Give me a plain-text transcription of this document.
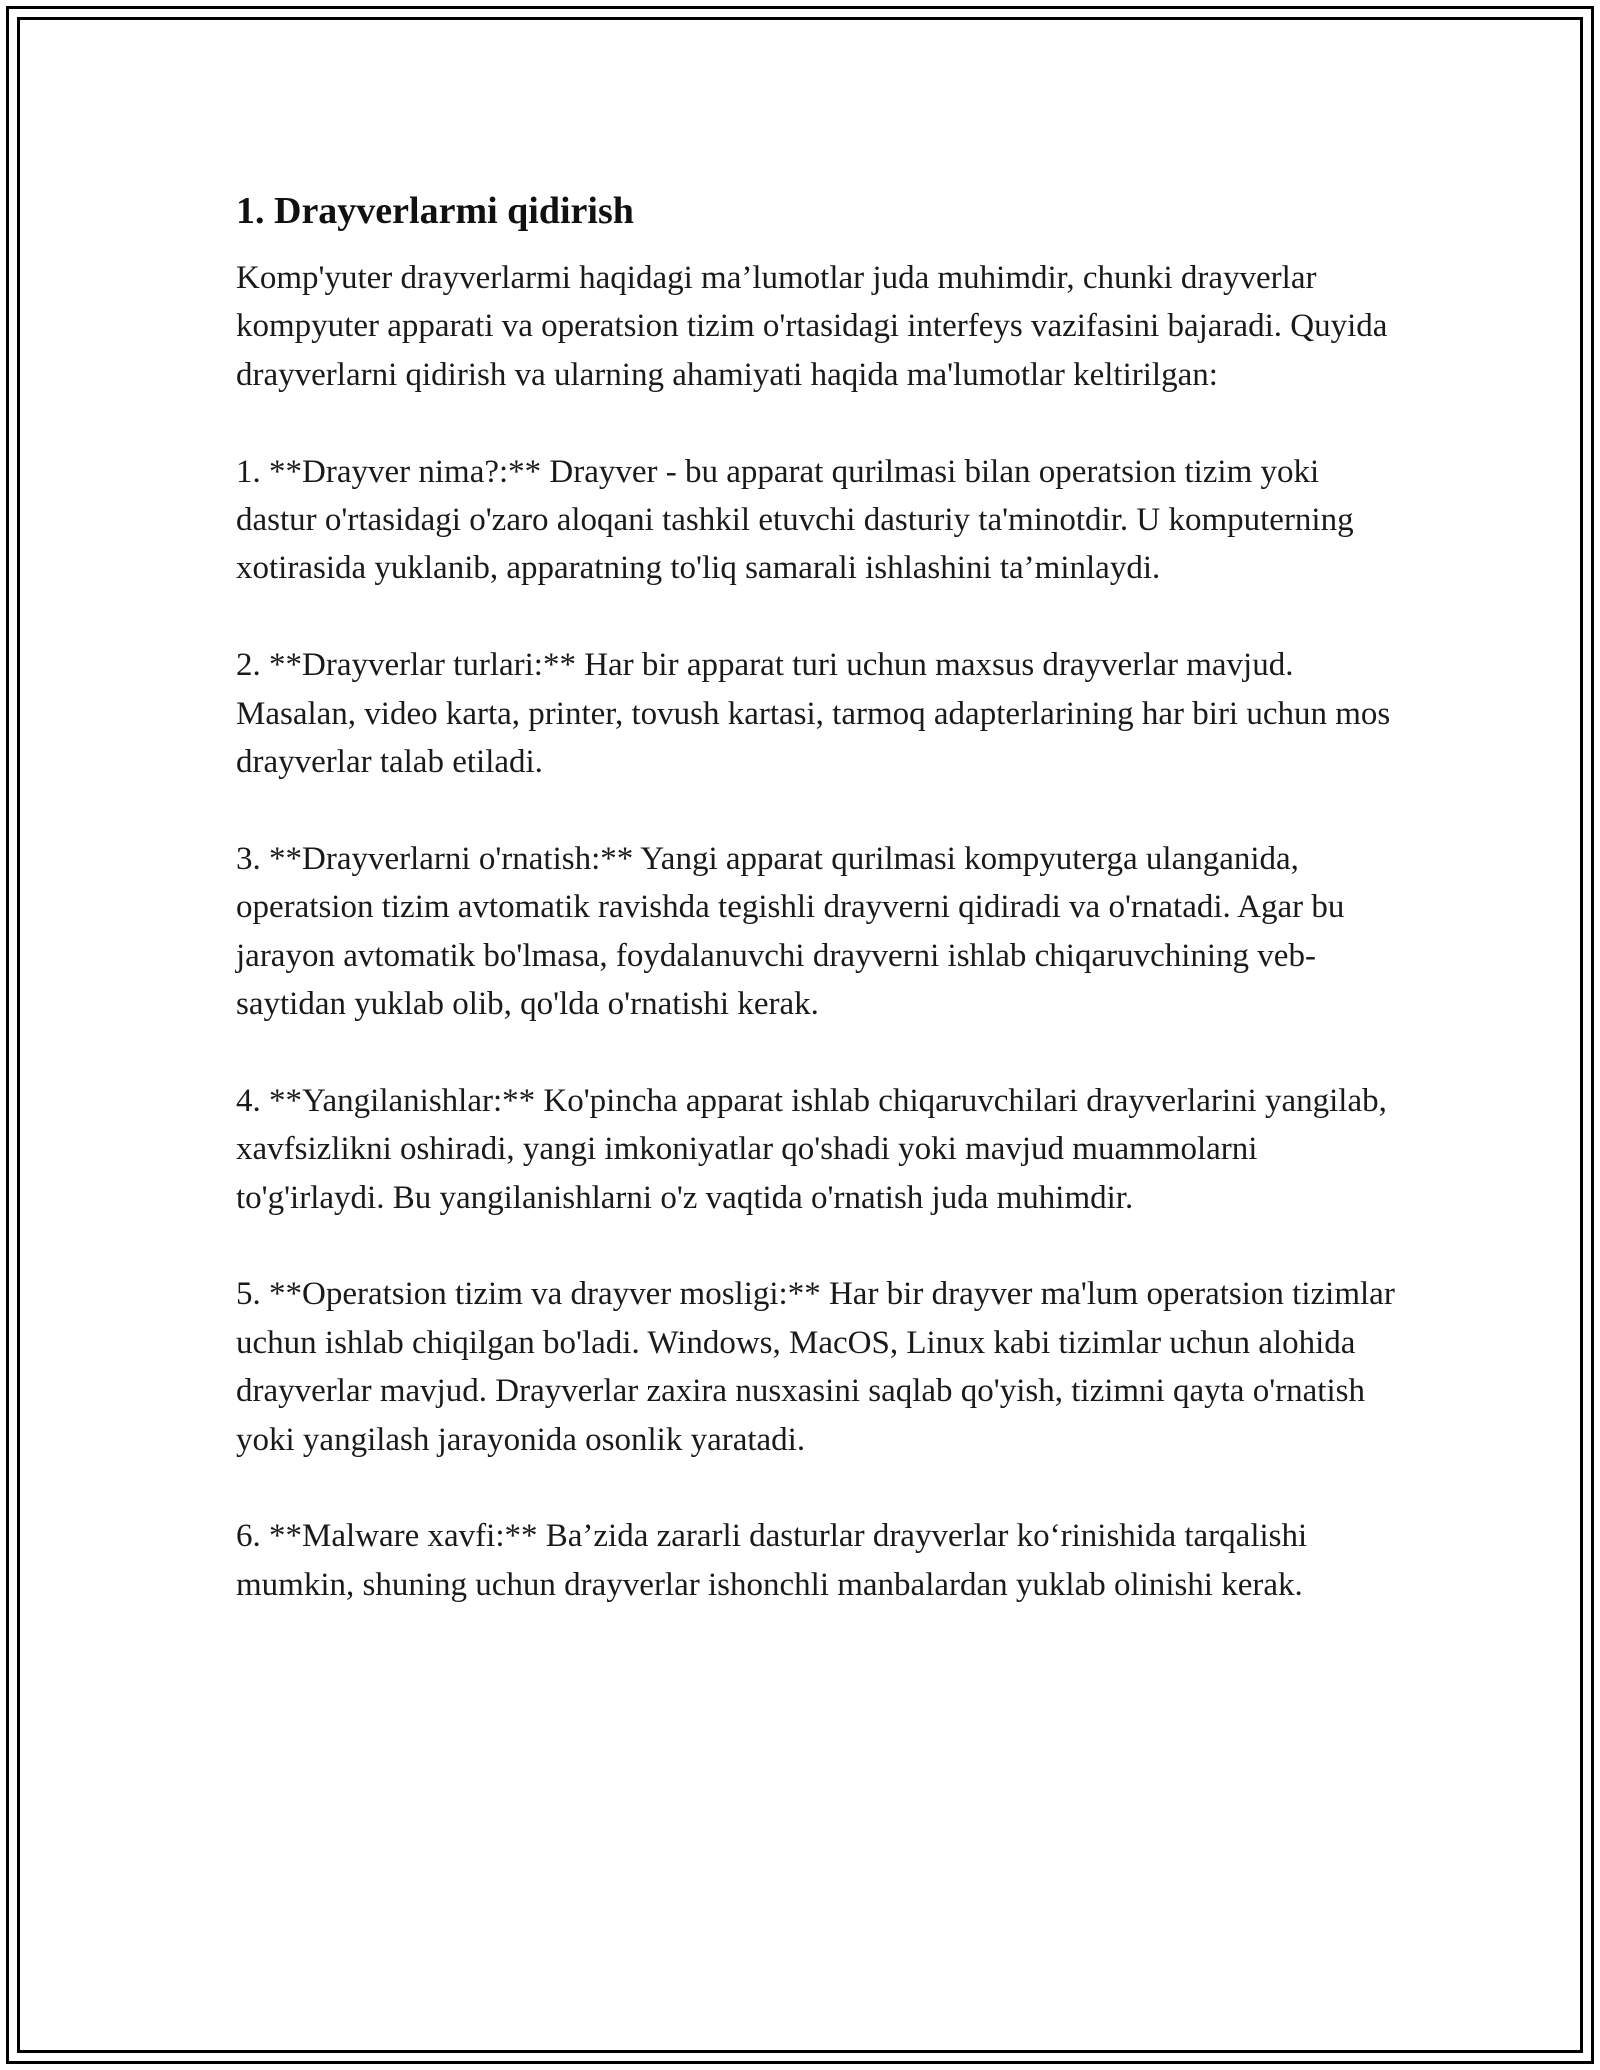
1. Drayverlarmi qidirish

Komp'yuter drayverlarmi haqidagi ma’lumotlar juda muhimdir, chunki drayverlar kompyuter apparati va operatsion tizim o'rtasidagi interfeys vazifasini bajaradi. Quyida drayverlarni qidirish va ularning ahamiyati haqida ma'lumotlar keltirilgan:

1. **Drayver nima?:** Drayver - bu apparat qurilmasi bilan operatsion tizim yoki dastur o'rtasidagi o'zaro aloqani tashkil etuvchi dasturiy ta'minotdir. U komputerning xotirasida yuklanib, apparatning to'liq samarali ishlashini ta’minlaydi.

2. **Drayverlar turlari:** Har bir apparat turi uchun maxsus drayverlar mavjud. Masalan, video karta, printer, tovush kartasi, tarmoq adapterlarining har biri uchun mos drayverlar talab etiladi.

3. **Drayverlarni o'rnatish:** Yangi apparat qurilmasi kompyuterga ulanganida, operatsion tizim avtomatik ravishda tegishli drayverni qidiradi va o'rnatadi. Agar bu jarayon avtomatik bo'lmasa, foydalanuvchi drayverni ishlab chiqaruvchining veb-saytidan yuklab olib, qo'lda o'rnatishi kerak.

4. **Yangilanishlar:** Ko'pincha apparat ishlab chiqaruvchilari drayverlarini yangilab, xavfsizlikni oshiradi, yangi imkoniyatlar qo'shadi yoki mavjud muammolarni to'g'irlaydi. Bu yangilanishlarni o'z vaqtida o'rnatish juda muhimdir.

5. **Operatsion tizim va drayver mosligi:** Har bir drayver ma'lum operatsion tizimlar uchun ishlab chiqilgan bo'ladi. Windows, MacOS, Linux kabi tizimlar uchun alohida drayverlar mavjud. Drayverlar zaxira nusxasini saqlab qo'yish, tizimni qayta o'rnatish yoki yangilash jarayonida osonlik yaratadi.

6. **Malware xavfi:** Ba’zida zararli dasturlar drayverlar ko‘rinishida tarqalishi mumkin, shuning uchun drayverlar ishonchli manbalardan yuklab olinishi kerak.
